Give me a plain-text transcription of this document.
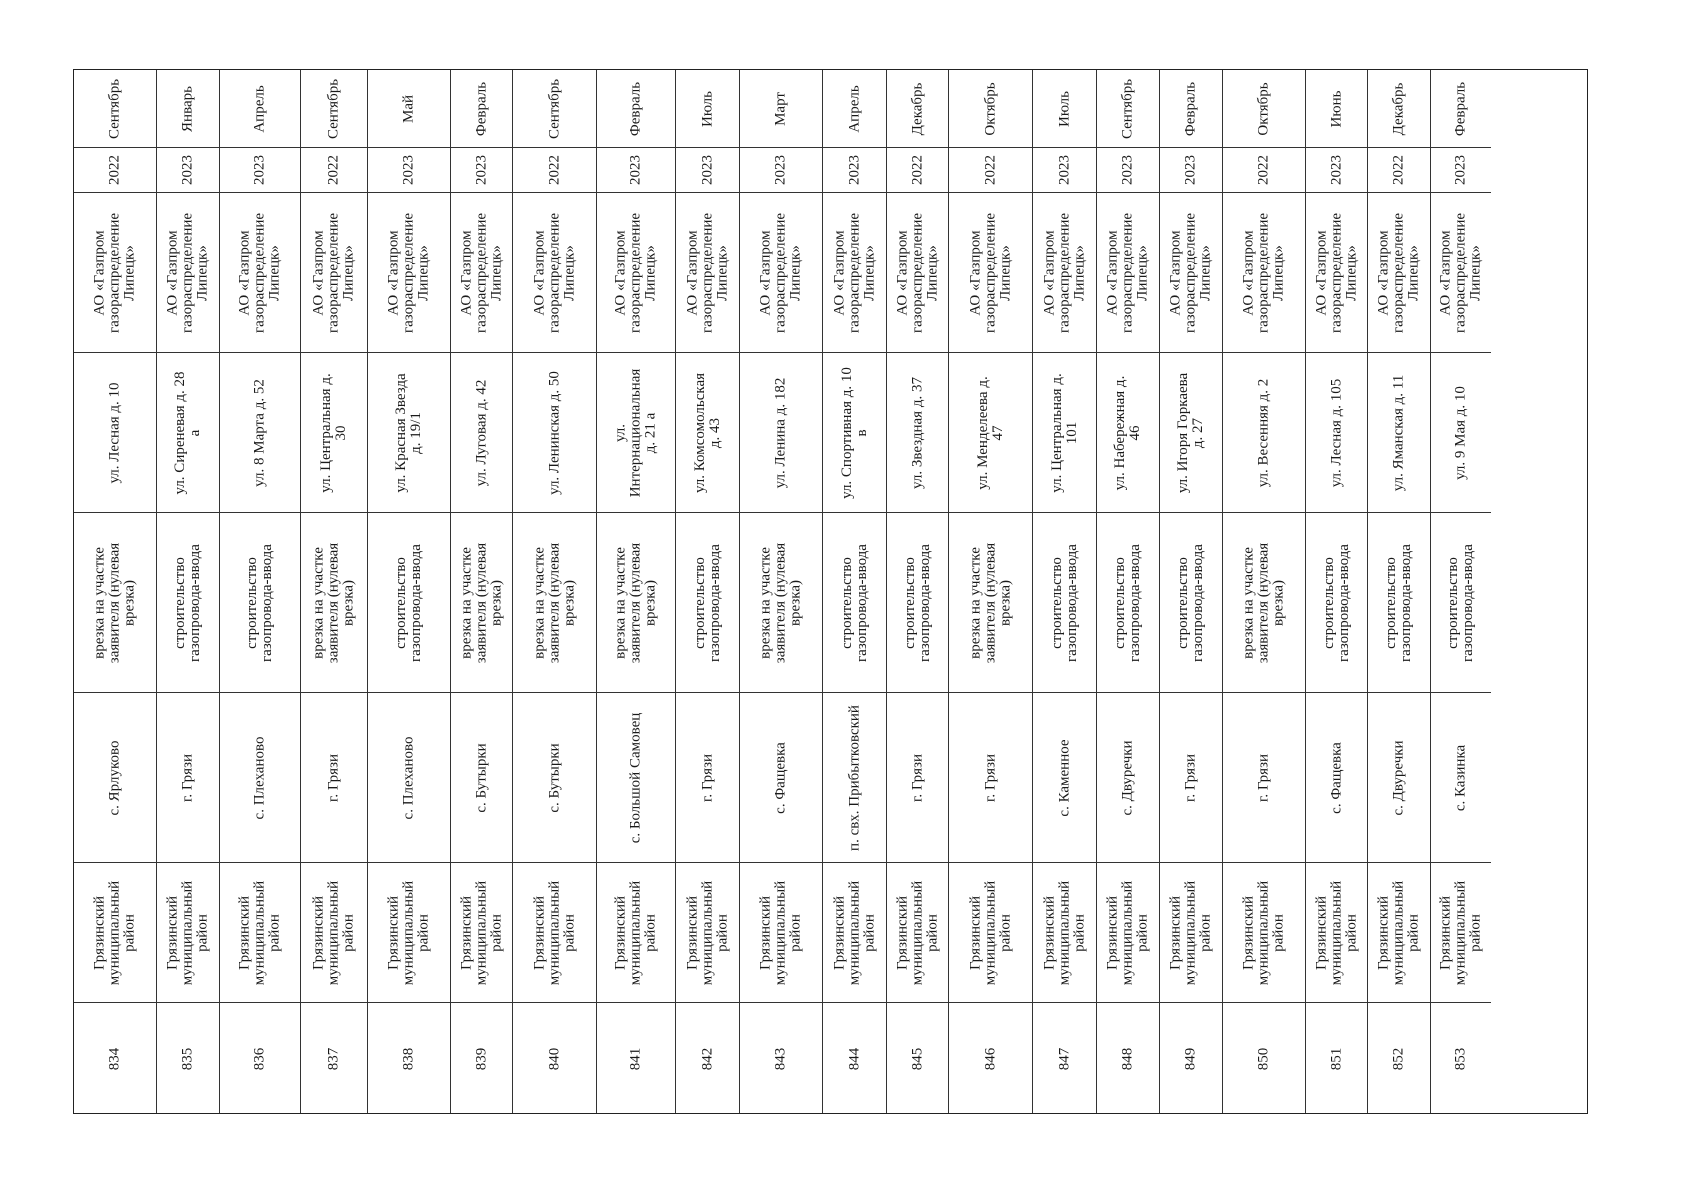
Сентябрь
2022
АО «Газпром
газораспределение
Липецк»
ул. Лесная д. 10
врезка на участке
заявителя (нулевая
врезка)
с. Ярлуково
Грязинский
муниципальный
район
834
Январь
2023
АО «Газпром
газораспределение
Липецк»
ул. Сиреневая д. 28
а
строительство
газопровода-ввода
г. Грязи
Грязинский
муниципальный
район
835
Апрель
2023
АО «Газпром
газораспределение
Липецк»
ул. 8 Марта д. 52
строительство
газопровода-ввода
с. Плеханово
Грязинский
муниципальный
район
836
Сентябрь
2022
АО «Газпром
газораспределение
Липецк»
ул. Центральная д.
30
врезка на участке
заявителя (нулевая
врезка)
г. Грязи
Грязинский
муниципальный
район
837
Май
2023
АО «Газпром
газораспределение
Липецк»
ул. Красная Звезда
д. 19/1
строительство
газопровода-ввода
с. Плеханово
Грязинский
муниципальный
район
838
Февраль
2023
АО «Газпром
газораспределение
Липецк»
ул. Луговая д. 42
врезка на участке
заявителя (нулевая
врезка)
с. Бутырки
Грязинский
муниципальный
район
839
Сентябрь
2022
АО «Газпром
газораспределение
Липецк»
ул. Ленинская д. 50
врезка на участке
заявителя (нулевая
врезка)
с. Бутырки
Грязинский
муниципальный
район
840
Февраль
2023
АО «Газпром
газораспределение
Липецк»
ул.
Интернациональная
д. 21 а
врезка на участке
заявителя (нулевая
врезка)
с. Большой Самовец
Грязинский
муниципальный
район
841
Июль
2023
АО «Газпром
газораспределение
Липецк»
ул. Комсомольская
д. 43
строительство
газопровода-ввода
г. Грязи
Грязинский
муниципальный
район
842
Март
2023
АО «Газпром
газораспределение
Липецк»
ул. Ленина д. 182
врезка на участке
заявителя (нулевая
врезка)
с. Фащевка
Грязинский
муниципальный
район
843
Апрель
2023
АО «Газпром
газораспределение
Липецк»
ул. Спортивная д. 10
в
строительство
газопровода-ввода
п. свх. Прибытковский
Грязинский
муниципальный
район
844
Декабрь
2022
АО «Газпром
газораспределение
Липецк»
ул. Звездная д. 37
строительство
газопровода-ввода
г. Грязи
Грязинский
муниципальный
район
845
Октябрь
2022
АО «Газпром
газораспределение
Липецк»
ул. Менделеева д.
47
врезка на участке
заявителя (нулевая
врезка)
г. Грязи
Грязинский
муниципальный
район
846
Июль
2023
АО «Газпром
газораспределение
Липецк»
ул. Центральная д.
101
строительство
газопровода-ввода
с. Каменное
Грязинский
муниципальный
район
847
Сентябрь
2023
АО «Газпром
газораспределение
Липецк»
ул. Набережная д.
46
строительство
газопровода-ввода
с. Двуречки
Грязинский
муниципальный
район
848
Февраль
2023
АО «Газпром
газораспределение
Липецк»
ул. Игоря Горкаева
д. 27
строительство
газопровода-ввода
г. Грязи
Грязинский
муниципальный
район
849
Октябрь
2022
АО «Газпром
газораспределение
Липецк»
ул. Весенняя д. 2
врезка на участке
заявителя (нулевая
врезка)
г. Грязи
Грязинский
муниципальный
район
850
Июнь
2023
АО «Газпром
газораспределение
Липецк»
ул. Лесная д. 105
строительство
газопровода-ввода
с. Фащевка
Грязинский
муниципальный
район
851
Декабрь
2022
АО «Газпром
газораспределение
Липецк»
ул. Яманская д. 11
строительство
газопровода-ввода
с. Двуречки
Грязинский
муниципальный
район
852
Февраль
2023
АО «Газпром
газораспределение
Липецк»
ул. 9 Мая д. 10
строительство
газопровода-ввода
с. Казинка
Грязинский
муниципальный
район
853
